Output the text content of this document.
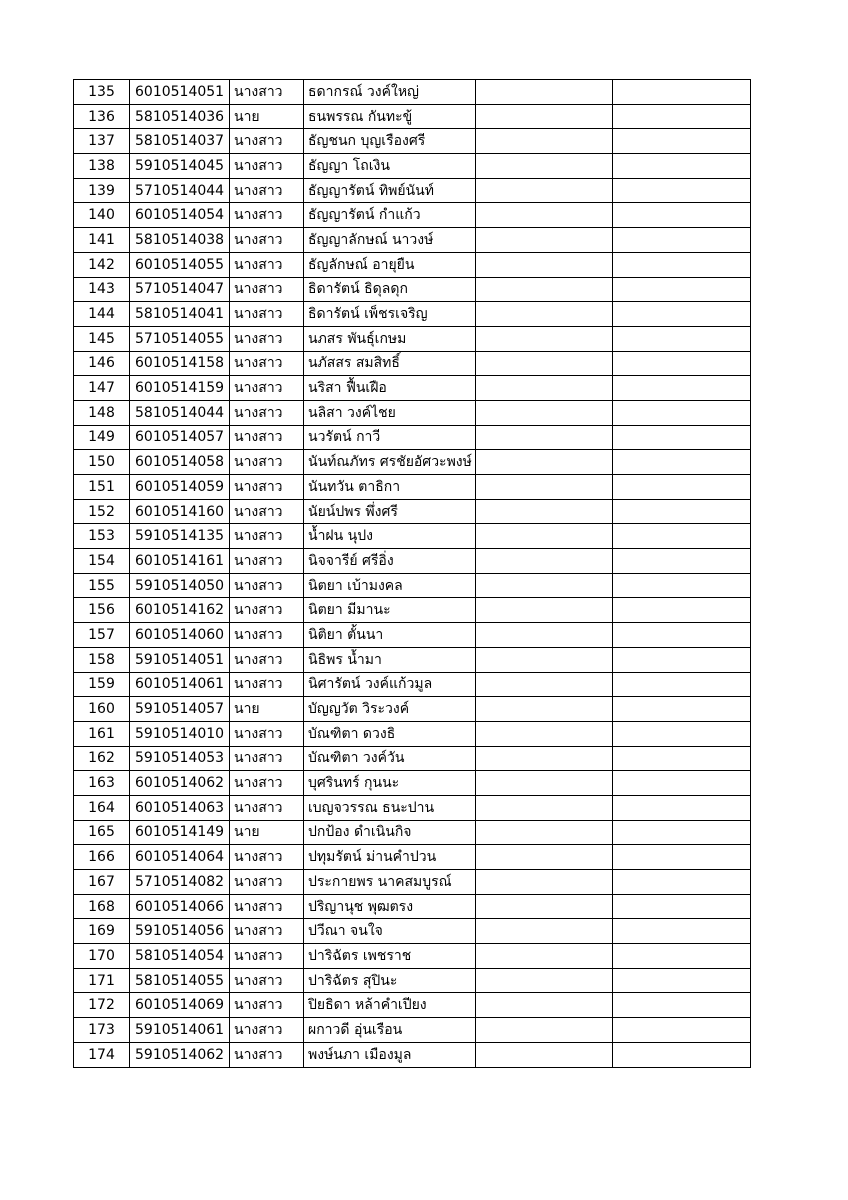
135	6010514051	นางสาว	ธดากรณ์ วงค์ใหญ่		
136	5810514036	นาย	ธนพรรณ กันทะขู้		
137	5810514037	นางสาว	ธัญชนก บุญเรืองศรี		
138	5910514045	นางสาว	ธัญญา โถเงิน		
139	5710514044	นางสาว	ธัญญารัตน์ ทิพย์นันท์		
140	6010514054	นางสาว	ธัญญารัตน์ กำแก้ว		
141	5810514038	นางสาว	ธัญญาลักษณ์ นาวงษ์		
142	6010514055	นางสาว	ธัญลักษณ์ อายุยืน		
143	5710514047	นางสาว	ธิดารัตน์ ธิดุลดุก		
144	5810514041	นางสาว	ธิดารัตน์ เพ็ชรเจริญ		
145	5710514055	นางสาว	นภสร พันธุ์เกษม		
146	6010514158	นางสาว	นภัสสร สมสิทธิ์		
147	6010514159	นางสาว	นริสา ฟื้นเฝือ		
148	5810514044	นางสาว	นลิสา วงค์ไชย		
149	6010514057	นางสาว	นวรัตน์ กาวี		
150	6010514058	นางสาว	นันท์ณภัทร ศรชัยอัศวะพงษ์		
151	6010514059	นางสาว	นันทวัน ตาธิกา		
152	6010514160	นางสาว	นัยน์ปพร พึ่งศรี		
153	5910514135	นางสาว	น้ำฝน นุปง		
154	6010514161	นางสาว	นิจจารีย์ ศรีอิ่ง		
155	5910514050	นางสาว	นิตยา เบ้ามงคล		
156	6010514162	นางสาว	นิตยา มีมานะ		
157	6010514060	นางสาว	นิติยา ตั้นนา		
158	5910514051	นางสาว	นิธิพร น้ำมา		
159	6010514061	นางสาว	นิศารัตน์ วงค์แก้วมูล		
160	5910514057	นาย	บัญญวัต วิระวงค์		
161	5910514010	นางสาว	บัณฑิตา ดวงธิ		
162	5910514053	นางสาว	บัณฑิตา วงค์วัน		
163	6010514062	นางสาว	บุศรินทร์ กุนนะ		
164	6010514063	นางสาว	เบญจวรรณ ธนะปาน		
165	6010514149	นาย	ปกป้อง ดำเนินกิจ		
166	6010514064	นางสาว	ปทุมรัตน์ ม่านคำปวน		
167	5710514082	นางสาว	ประกายพร นาคสมบูรณ์		
168	6010514066	นางสาว	ปริญานุช พุฒตรง		
169	5910514056	นางสาว	ปวีณา จนใจ		
170	5810514054	นางสาว	ปาริฉัตร เพชราช		
171	5810514055	นางสาว	ปาริฉัตร สุปินะ		
172	6010514069	นางสาว	ปิยธิดา หล้าคำเปียง		
173	5910514061	นางสาว	ผกาวดี อุ่นเรือน		
174	5910514062	นางสาว	พงษ์นภา เมืองมูล		
